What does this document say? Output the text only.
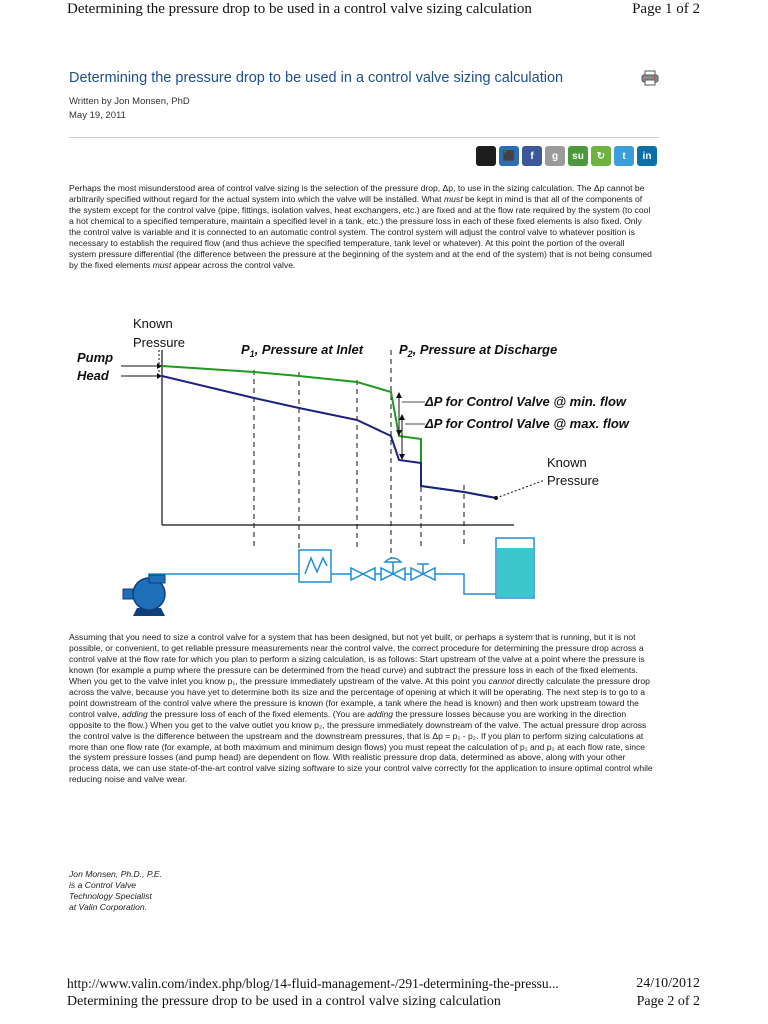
Determining the pressure drop to be used in a control valve sizing calculation	Page 1 of 2
Determining the pressure drop to be used in a control valve sizing calculation
Written by Jon Monsen, PhD
May 19, 2011
⬛	f	g	su	↻	t	in
Perhaps the most misunderstood area of control valve sizing is the selection of the pressure drop, Δp, to use in the sizing calculation. The Δp cannot be arbitrarily specified without regard for the actual system into which the valve will be installed. What must be kept in mind is that all of the components of the system except for the control valve (pipe, fittings, isolation valves, heat exchangers, etc.) are fixed and at the flow rate required by the system (to cool a hot chemical to a specified temperature, maintain a specified level in a tank, etc.) the pressure loss in each of these fixed elements is also fixed. Only the control valve is variable and it is connected to an automatic control system. The control system will adjust the control valve to whatever position is necessary to establish the required flow (and thus achieve the specified temperature, tank level or whatever). At this point the portion of the overall system pressure differential (the difference between the pressure at the beginning of the system and at the end of the system) that is not being consumed by the fixed elements must appear across the control valve.
Known
Pressure
Pump
Head
$P_1$, Pressure at Inlet	$P_2$, Pressure at Discharge
ΔP for Control Valve @ min. flow
ΔP for Control Valve @ max. flow
Known
Pressure
Assuming that you need to size a control valve for a system that has been designed, but not yet built, or perhaps a system that is running, but it is not possible, or convenient, to get reliable pressure measurements near the control valve, the correct procedure for determining the pressure drop across a control valve at the flow rate for which you plan to perform a sizing calculation, is as follows: Start upstream of the valve at a point where the pressure is known (for example a pump where the pressure can be determined from the head curve) and subtract the pressure loss in each of the fixed elements. When you get to the valve inlet you know p₁, the pressure immediately upstream of the valve. At this point you cannot directly calculate the pressure drop across the valve, because you have yet to determine both its size and the percentage of opening at which it will be operating. The next step is to go to a point downstream of the control valve where the pressure is known (for example, a tank where the head is known) and then work upstream toward the control valve, adding the pressure loss of each of the fixed elements. (You are adding the pressure losses because you are working in the direction opposite to the flow.) When you get to the valve outlet you know p₂, the pressure immediately downstream of the valve. The actual pressure drop across the control valve is the difference between the upstream and the downstream pressures, that is Δp = p₁ - p₂. If you plan to perform sizing calculations at more than one flow rate (for example, at both maximum and minimum design flows) you must repeat the calculation of p₁ and p₂ at each flow rate, since the system pressure losses (and pump head) are dependent on flow. With realistic pressure drop data, determined as above, along with your other process data, we can use state-of-the-art control valve sizing software to size your control valve correctly for the application to insure optimal control while reducing noise and valve wear.
Jon Monsen, Ph.D., P.E.
is a Control Valve
Technology Specialist
at Valin Corporation.
http://www.valin.com/index.php/blog/14-fluid-management-/291-determining-the-pressu...	24/10/2012
Determining the pressure drop to be used in a control valve sizing calculation	Page 2 of 2
